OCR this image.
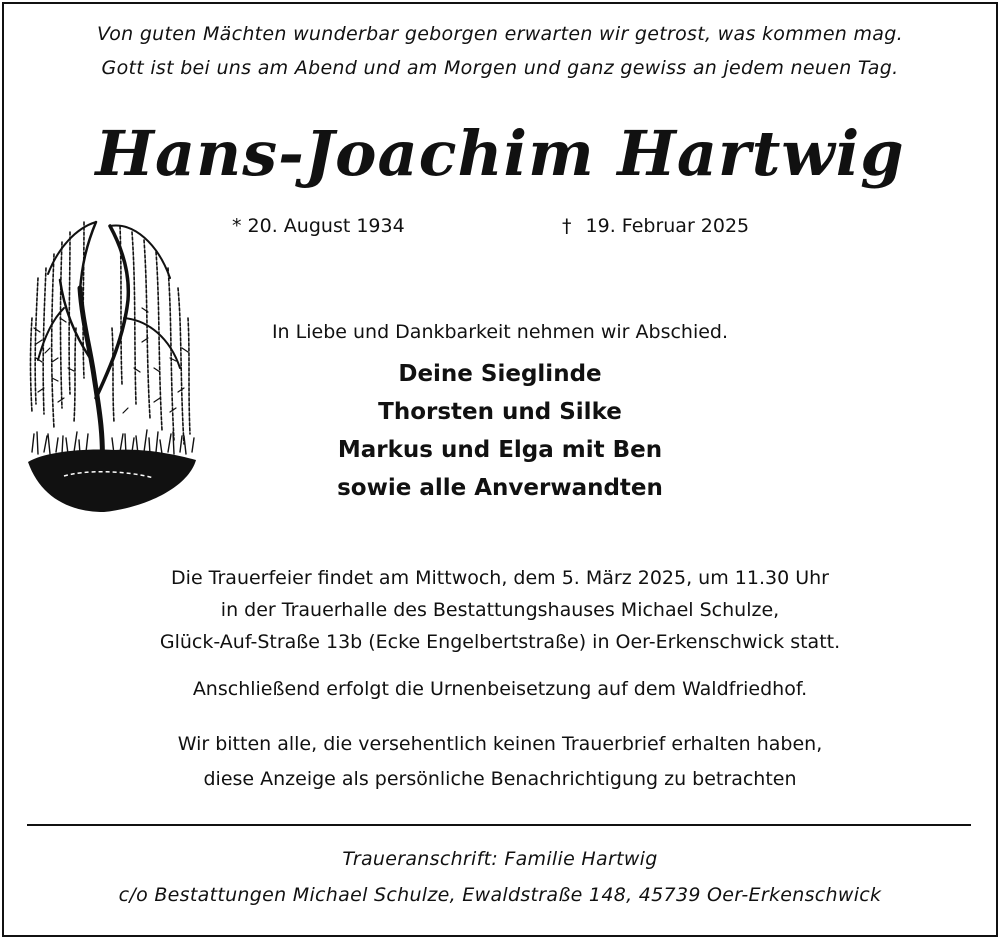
Von guten Mächten wunderbar geborgen erwarten wir getrost, was kommen mag.
Gott ist bei uns am Abend und am Morgen und ganz gewiss an jedem neuen Tag.
Hans-Joachim Hartwig
* 20. August 1934	† 19. Februar 2025
In Liebe und Dankbarkeit nehmen wir Abschied.
Deine Sieglinde
Thorsten und Silke
Markus und Elga mit Ben
sowie alle Anverwandten
Die Trauerfeier findet am Mittwoch, dem 5. März 2025, um 11.30 Uhr
in der Trauerhalle des Bestattungshauses Michael Schulze,
Glück-Auf-Straße 13b (Ecke Engelbertstraße) in Oer-Erkenschwick statt.
Anschließend erfolgt die Urnenbeisetzung auf dem Waldfriedhof.
Wir bitten alle, die versehentlich keinen Trauerbrief erhalten haben,
diese Anzeige als persönliche Benachrichtigung zu betrachten
Traueranschrift: Familie Hartwig
c/o Bestattungen Michael Schulze, Ewaldstraße 148, 45739 Oer-Erkenschwick
